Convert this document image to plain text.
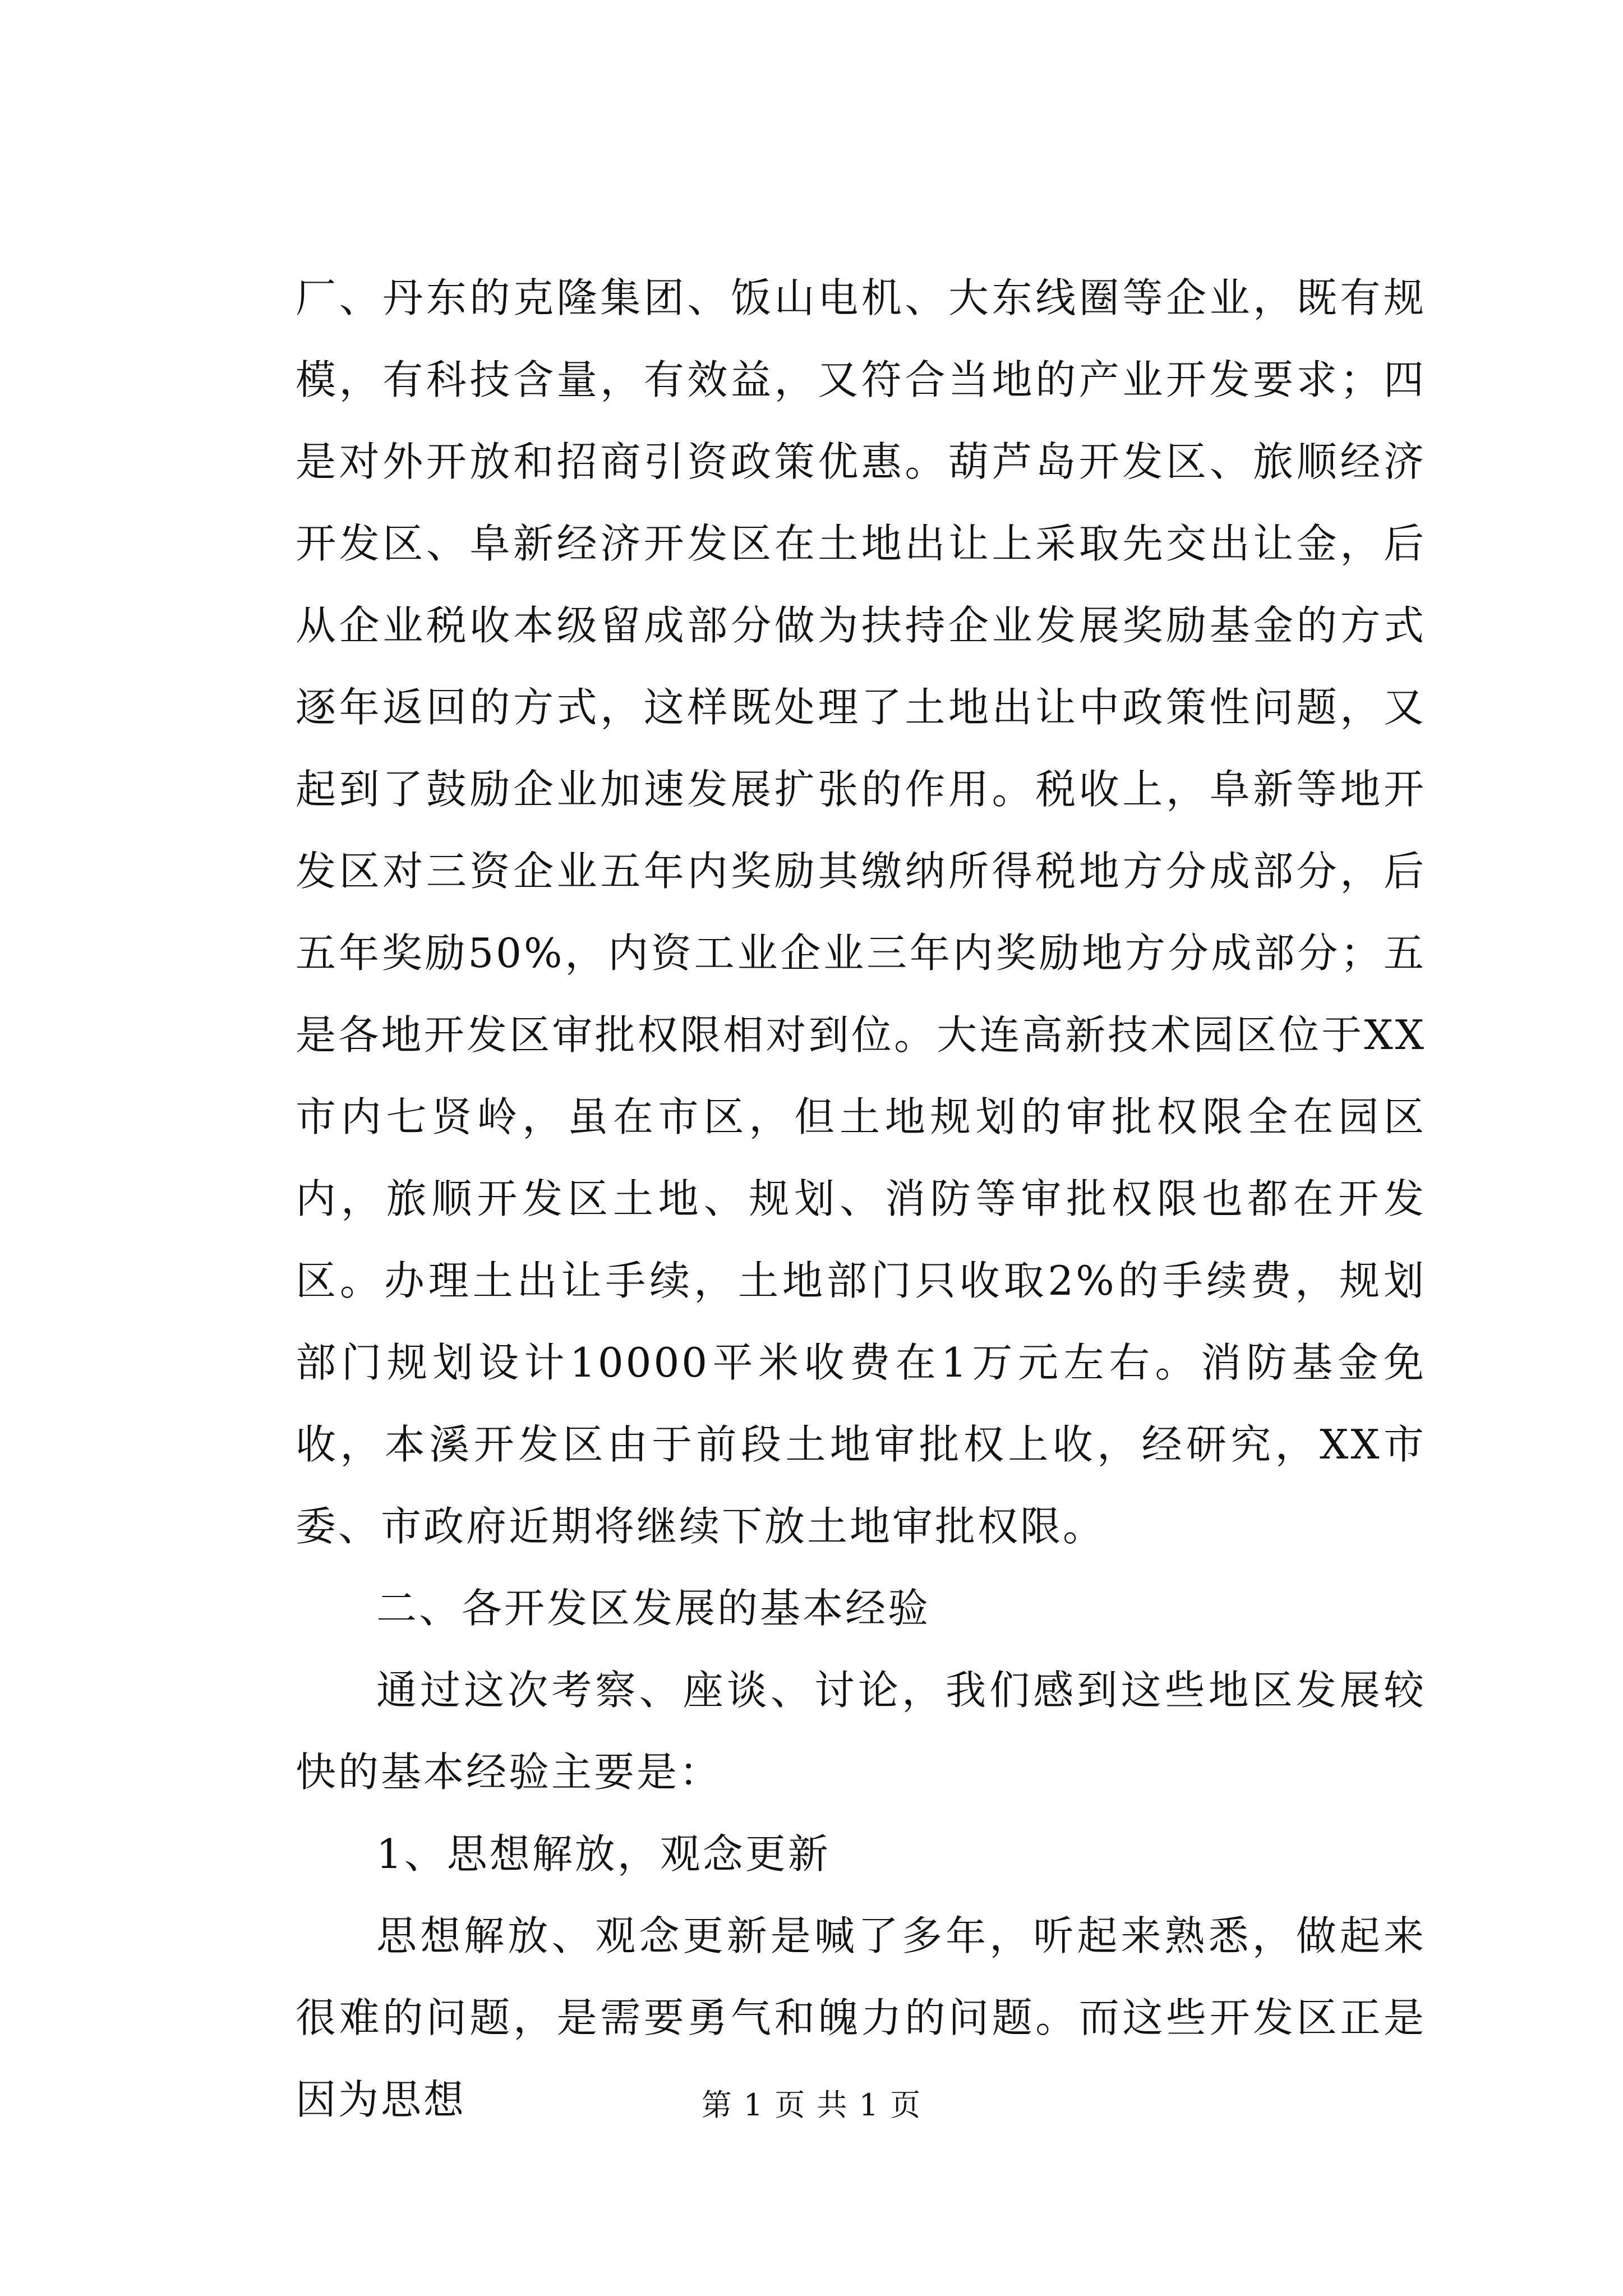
厂、丹东的克隆集团、饭山电机、大东线圈等企业，既有规模，有科技含量，有效益，又符合当地的产业开发要求；四是对外开放和招商引资政策优惠。葫芦岛开发区、旅顺经济开发区、阜新经济开发区在土地出让上采取先交出让金，后从企业税收本级留成部分做为扶持企业发展奖励基金的方式逐年返回的方式，这样既处理了土地出让中政策性问题，又起到了鼓励企业加速发展扩张的作用。税收上，阜新等地开发区对三资企业五年内奖励其缴纳所得税地方分成部分，后五年奖励50%，内资工业企业三年内奖励地方分成部分；五是各地开发区审批权限相对到位。大连高新技术园区位于XX市内七贤岭，虽在市区，但土地规划的审批权限全在园区内，旅顺开发区土地、规划、消防等审批权限也都在开发区。办理土出让手续，土地部门只收取2%的手续费，规划部门规划设计10000平米收费在1万元左右。消防基金免收，本溪开发区由于前段土地审批权上收，经研究，XX市委、市政府近期将继续下放土地审批权限。

二、各开发区发展的基本经验

通过这次考察、座谈、讨论，我们感到这些地区发展较快的基本经验主要是：

1、思想解放，观念更新

思想解放、观念更新是喊了多年，听起来熟悉，做起来很难的问题，是需要勇气和魄力的问题。而这些开发区正是因为思想	第 1 页 共 1 页
